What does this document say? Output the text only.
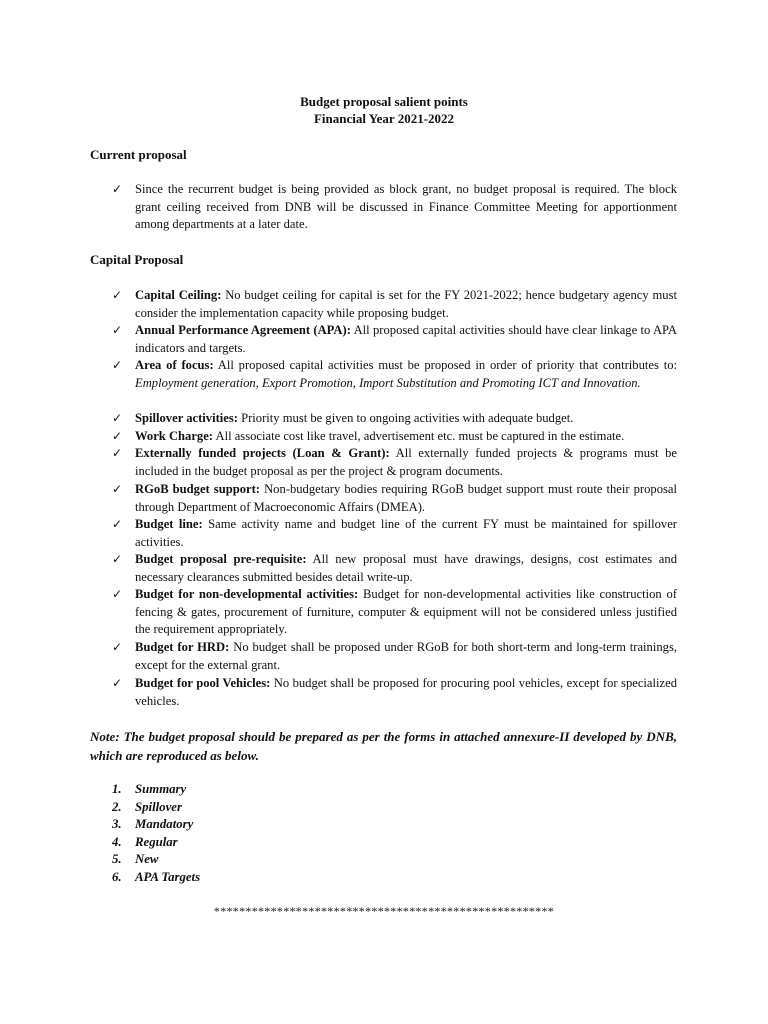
Budget proposal salient points
Financial Year 2021-2022
Current proposal
✓	Since the recurrent budget is being provided as block grant, no budget proposal is required. The block grant ceiling received from DNB will be discussed in Finance Committee Meeting for apportionment among departments at a later date.
Capital Proposal
✓	Capital Ceiling: No budget ceiling for capital is set for the FY 2021-2022; hence budgetary agency must consider the implementation capacity while proposing budget.
✓	Annual Performance Agreement (APA): All proposed capital activities should have clear linkage to APA indicators and targets.
✓	Area of focus: All proposed capital activities must be proposed in order of priority that contributes to: Employment generation, Export Promotion, Import Substitution and Promoting ICT and Innovation.
✓	Spillover activities: Priority must be given to ongoing activities with adequate budget.
✓	Work Charge: All associate cost like travel, advertisement etc. must be captured in the estimate.
✓	Externally funded projects (Loan & Grant): All externally funded projects & programs must be included in the budget proposal as per the project & program documents.
✓	RGoB budget support: Non-budgetary bodies requiring RGoB budget support must route their proposal through Department of Macroeconomic Affairs (DMEA).
✓	Budget line: Same activity name and budget line of the current FY must be maintained for spillover activities.
✓	Budget proposal pre-requisite: All new proposal must have drawings, designs, cost estimates and necessary clearances submitted besides detail write-up.
✓	Budget for non-developmental activities: Budget for non-developmental activities like construction of fencing & gates, procurement of furniture, computer & equipment will not be considered unless justified the requirement appropriately.
✓	Budget for HRD: No budget shall be proposed under RGoB for both short-term and long-term trainings, except for the external grant.
✓	Budget for pool Vehicles: No budget shall be proposed for procuring pool vehicles, except for specialized vehicles.
Note: The budget proposal should be prepared as per the forms in attached annexure-II developed by DNB, which are reproduced as below.
1.	Summary
2.	Spillover
3.	Mandatory
4.	Regular
5.	New
6.	APA Targets
******************************************************
